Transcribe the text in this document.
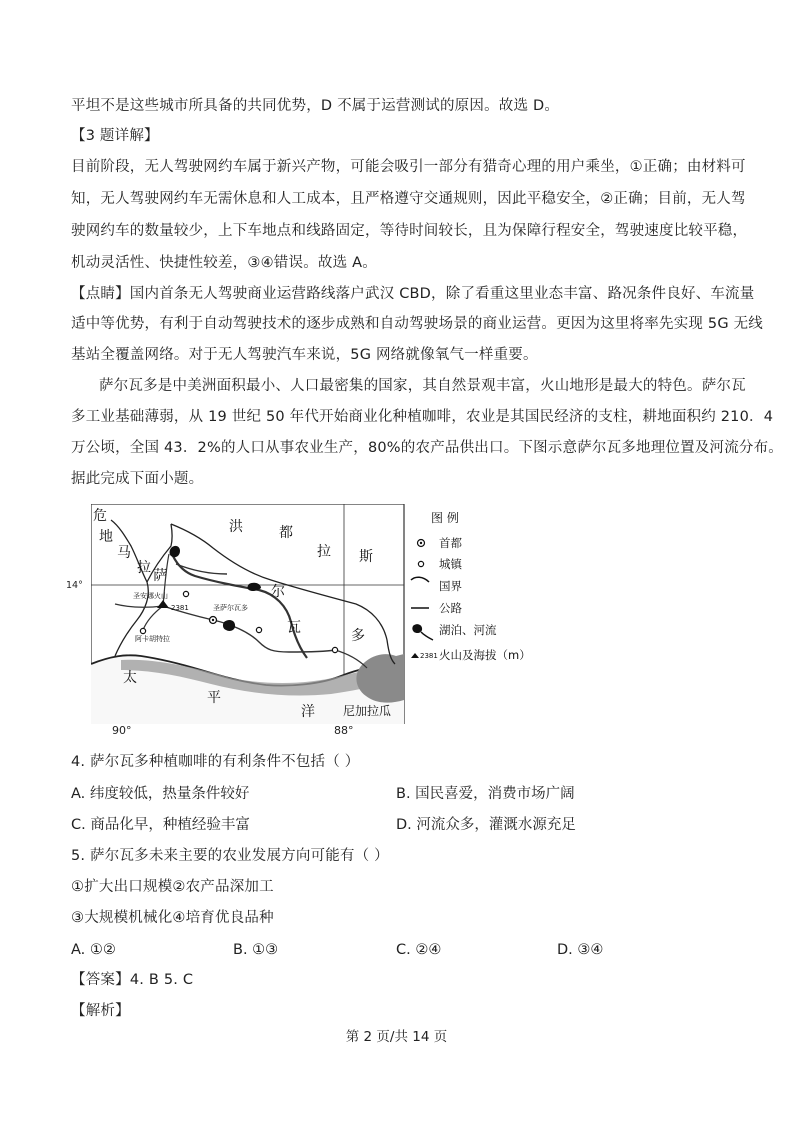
平坦不是这些城市所具备的共同优势，D 不属于运营测试的原因。故选 D。
【3 题详解】
目前阶段，无人驾驶网约车属于新兴产物，可能会吸引一部分有猎奇心理的用户乘坐，①正确；由材料可
知，无人驾驶网约车无需休息和人工成本，且严格遵守交通规则，因此平稳安全，②正确；目前，无人驾
驶网约车的数量较少，上下车地点和线路固定，等待时间较长，且为保障行程安全，驾驶速度比较平稳，
机动灵活性、快捷性较差，③④错误。故选 A。
【点睛】国内首条无人驾驶商业运营路线落户武汉 CBD，除了看重这里业态丰富、路况条件良好、车流量
适中等优势，有利于自动驾驶技术的逐步成熟和自动驾驶场景的商业运营。更因为这里将率先实现 5G 无线
基站全覆盖网络。对于无人驾驶汽车来说，5G 网络就像氧气一样重要。
萨尔瓦多是中美洲面积最小、人口最密集的国家，其自然景观丰富，火山地形是最大的特色。萨尔瓦
多工业基础薄弱，从 19 世纪 50 年代开始商业化种植咖啡，农业是其国民经济的支柱，耕地面积约 210．4
万公顷，全国 43．2%的人口从事农业生产，80%的农产品供出口。下图示意萨尔瓦多地理位置及河流分布。
据此完成下面小题。
危
地
马
拉 萨
尔
瓦	多
洪	都
拉 斯
太
平
洋 尼加拉瓜
圣安娜火山
2381	圣萨尔瓦多
阿卡胡特拉
图 例
首都
城镇
国界
公路
湖泊、河流
2381 火山及海拔（m）
14°
90°	88°
4. 萨尔瓦多种植咖啡的有利条件不包括（ ）
A. 纬度较低，热量条件较好	B. 国民喜爱，消费市场广阔
C. 商品化早，种植经验丰富	D. 河流众多，灌溉水源充足
5. 萨尔瓦多未来主要的农业发展方向可能有（ ）
①扩大出口规模②农产品深加工
③大规模机械化④培育优良品种
A. ①②	B. ①③	C. ②④	D. ③④
【答案】4. B 5. C
【解析】
第 2 页/共 14 页
